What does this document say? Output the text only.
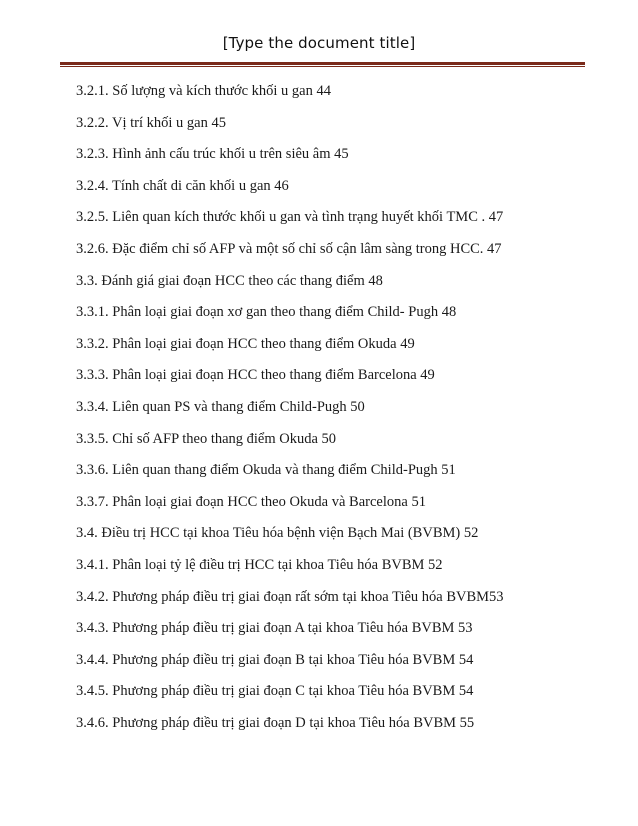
[Type the document title]
3.2.1. Số lượng và kích thước khối u gan 44
3.2.2. Vị trí khối u gan 45
3.2.3. Hình ảnh cấu trúc khối u trên siêu âm 45
3.2.4. Tính chất di căn khối u gan 46
3.2.5. Liên quan kích thước khối u gan và tình trạng huyết khối TMC . 47
3.2.6. Đặc điểm chỉ số AFP và một số chỉ số cận lâm sàng trong HCC. 47
3.3. Đánh giá giai đoạn HCC theo các thang điểm 48
3.3.1. Phân loại giai đoạn xơ gan theo thang điểm Child- Pugh 48
3.3.2. Phân loại giai đoạn HCC theo thang điểm Okuda 49
3.3.3. Phân loại giai đoạn HCC theo thang điểm Barcelona 49
3.3.4. Liên quan PS và thang điểm Child-Pugh 50
3.3.5. Chỉ số AFP theo thang điểm Okuda 50
3.3.6. Liên quan thang điểm Okuda và thang điểm Child-Pugh 51
3.3.7. Phân loại giai đoạn HCC theo Okuda và Barcelona 51
3.4. Điều trị HCC tại khoa Tiêu hóa bệnh viện Bạch Mai (BVBM) 52
3.4.1. Phân loại tỷ lệ điều trị HCC tại khoa Tiêu hóa BVBM 52
3.4.2. Phương pháp điều trị giai đoạn rất sớm tại khoa Tiêu hóa BVBM53
3.4.3. Phương pháp điều trị giai đoạn A tại khoa Tiêu hóa BVBM 53
3.4.4. Phương pháp điều trị giai đoạn B tại khoa Tiêu hóa BVBM 54
3.4.5. Phương pháp điều trị giai đoạn C tại khoa Tiêu hóa BVBM 54
3.4.6. Phương pháp điều trị giai đoạn D tại khoa Tiêu hóa BVBM 55
